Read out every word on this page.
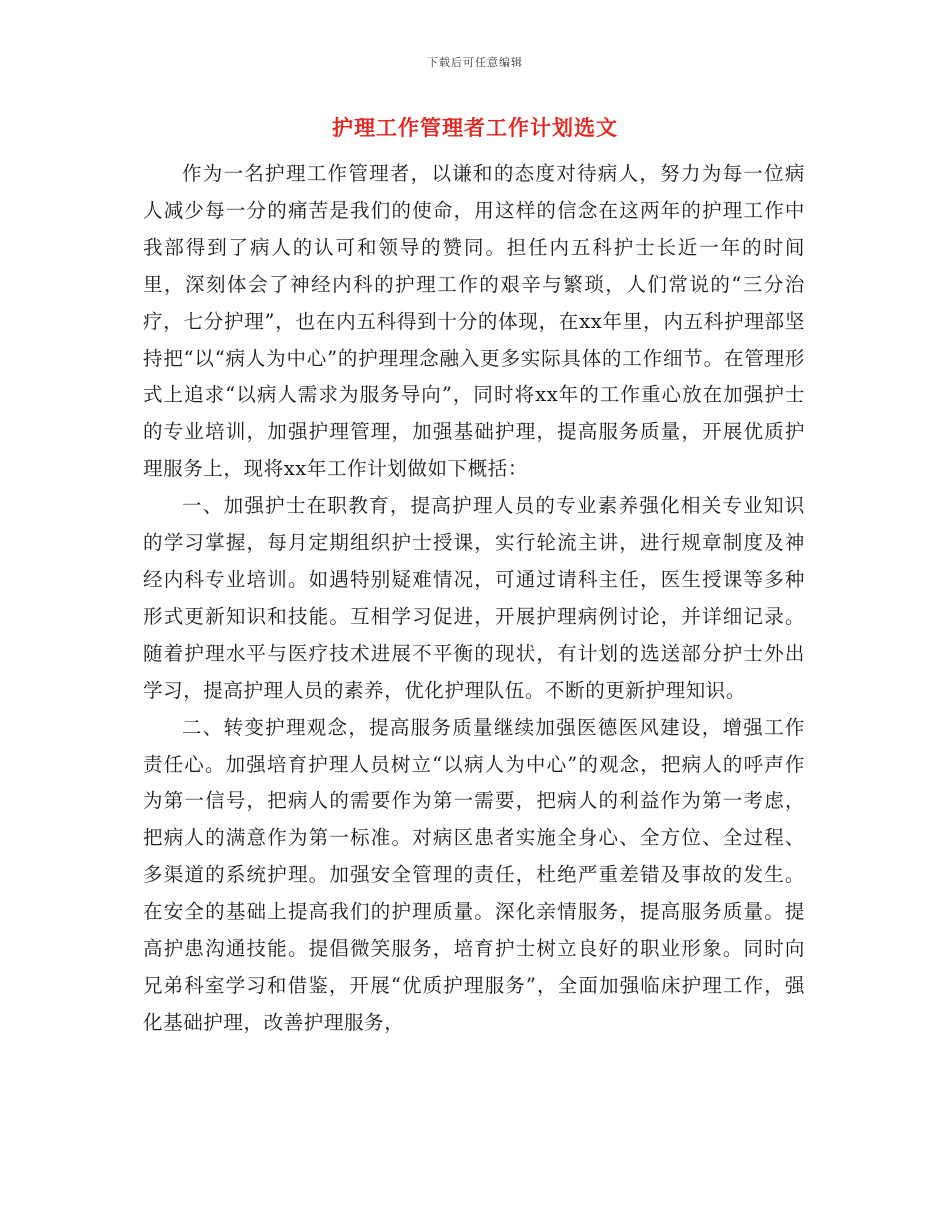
下载后可任意编辑
护理工作管理者工作计划选文

作为一名护理工作管理者，以谦和的态度对待病人，努力为每一位病人减少每一分的痛苦是我们的使命，用这样的信念在这两年的护理工作中我部得到了病人的认可和领导的赞同。担任内五科护士长近一年的时间里，深刻体会了神经内科的护理工作的艰辛与繁琐，人们常说的“三分治疗，七分护理”，也在内五科得到十分的体现，在xx年里，内五科护理部坚持把“以“病人为中心”的护理理念融入更多实际具体的工作细节。在管理形式上追求“以病人需求为服务导向”，同时将xx年的工作重心放在加强护士的专业培训，加强护理管理，加强基础护理，提高服务质量，开展优质护理服务上，现将xx年工作计划做如下概括：

一、加强护士在职教育，提高护理人员的专业素养强化相关专业知识的学习掌握，每月定期组织护士授课，实行轮流主讲，进行规章制度及神经内科专业培训。如遇特别疑难情况，可通过请科主任，医生授课等多种形式更新知识和技能。互相学习促进，开展护理病例讨论，并详细记录。随着护理水平与医疗技术进展不平衡的现状，有计划的选送部分护士外出学习，提高护理人员的素养，优化护理队伍。不断的更新护理知识。

二、转变护理观念，提高服务质量继续加强医德医风建设，增强工作责任心。加强培育护理人员树立“以病人为中心”的观念，把病人的呼声作为第一信号，把病人的需要作为第一需要，把病人的利益作为第一考虑，把病人的满意作为第一标准。对病区患者实施全身心、全方位、全过程、多渠道的系统护理。加强安全管理的责任，杜绝严重差错及事故的发生。在安全的基础上提高我们的护理质量。深化亲情服务，提高服务质量。提高护患沟通技能。提倡微笑服务，培育护士树立良好的职业形象。同时向兄弟科室学习和借鉴，开展“优质护理服务”，全面加强临床护理工作，强化基础护理，改善护理服务，
